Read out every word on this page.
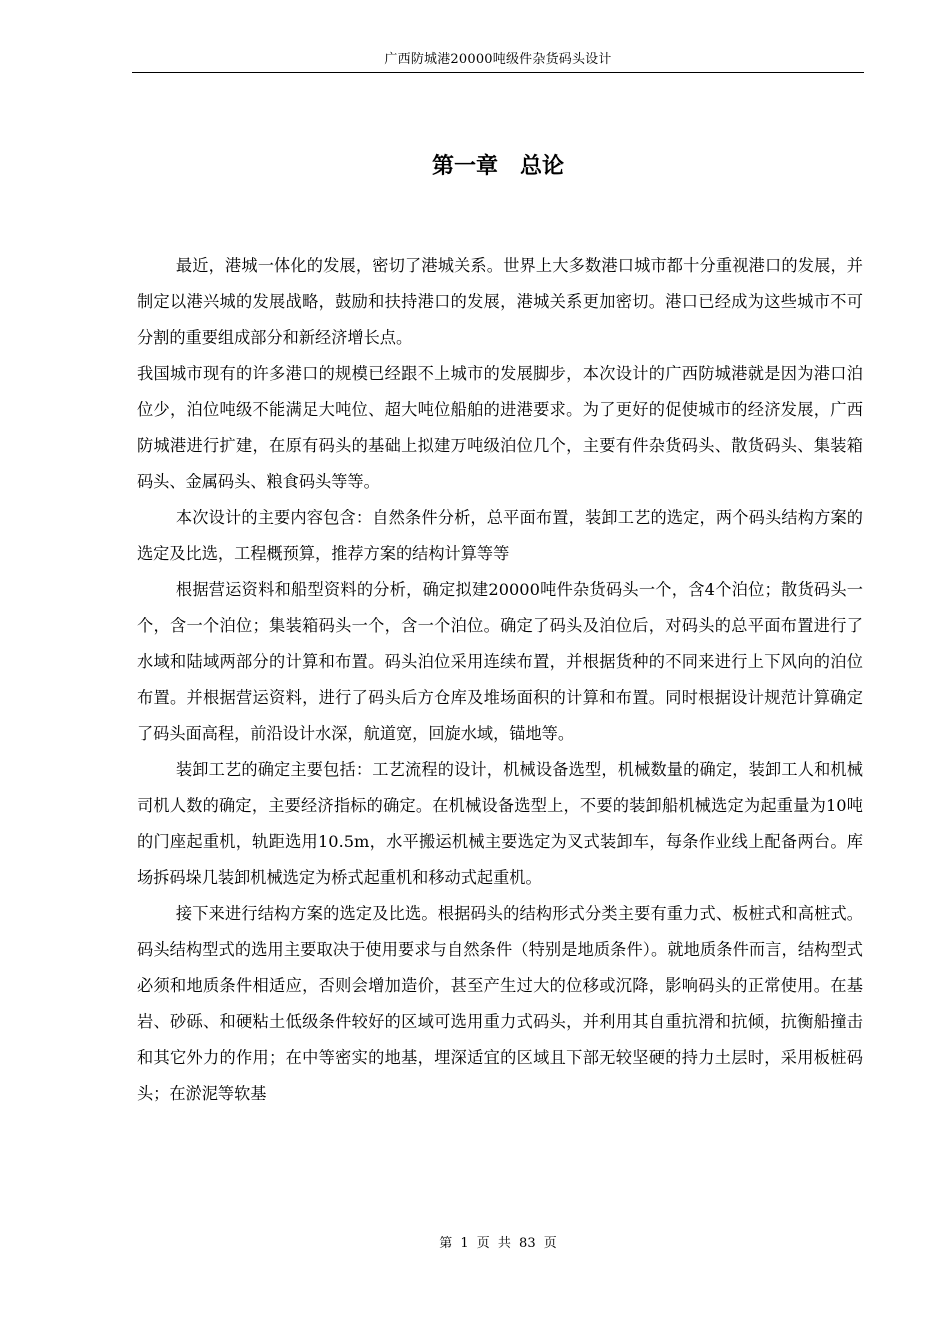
广西防城港20000吨级件杂货码头设计
第一章　总论

最近，港城一体化的发展，密切了港城关系。世界上大多数港口城市都十分重视港口的发展，并制定以港兴城的发展战略，鼓励和扶持港口的发展，港城关系更加密切。港口已经成为这些城市不可分割的重要组成部分和新经济增长点。

我国城市现有的许多港口的规模已经跟不上城市的发展脚步，本次设计的广西防城港就是因为港口泊位少，泊位吨级不能满足大吨位、超大吨位船舶的进港要求。为了更好的促使城市的经济发展，广西防城港进行扩建，在原有码头的基础上拟建万吨级泊位几个，主要有件杂货码头、散货码头、集装箱码头、金属码头、粮食码头等等。

本次设计的主要内容包含：自然条件分析，总平面布置，装卸工艺的选定，两个码头结构方案的选定及比选，工程概预算，推荐方案的结构计算等等

根据营运资料和船型资料的分析，确定拟建20000吨件杂货码头一个，含4个泊位；散货码头一个，含一个泊位；集装箱码头一个，含一个泊位。确定了码头及泊位后，对码头的总平面布置进行了水域和陆域两部分的计算和布置。码头泊位采用连续布置，并根据货种的不同来进行上下风向的泊位布置。并根据营运资料，进行了码头后方仓库及堆场面积的计算和布置。同时根据设计规范计算确定了码头面高程，前沿设计水深，航道宽，回旋水域，锚地等。

装卸工艺的确定主要包括：工艺流程的设计，机械设备选型，机械数量的确定，装卸工人和机械司机人数的确定，主要经济指标的确定。在机械设备选型上，不要的装卸船机械选定为起重量为10吨的门座起重机，轨距选用10.5m，水平搬运机械主要选定为叉式装卸车，每条作业线上配备两台。库场拆码垛几装卸机械选定为桥式起重机和移动式起重机。

接下来进行结构方案的选定及比选。根据码头的结构形式分类主要有重力式、板桩式和高桩式。码头结构型式的选用主要取决于使用要求与自然条件（特别是地质条件）。就地质条件而言，结构型式必须和地质条件相适应，否则会增加造价，甚至产生过大的位移或沉降，影响码头的正常使用。在基岩、砂砾、和硬粘土低级条件较好的区域可选用重力式码头，并利用其自重抗滑和抗倾，抗衡船撞击和其它外力的作用；在中等密实的地基，埋深适宜的区域且下部无较坚硬的持力土层时，采用板桩码头；在淤泥等软基

第 1 页 共 83 页
